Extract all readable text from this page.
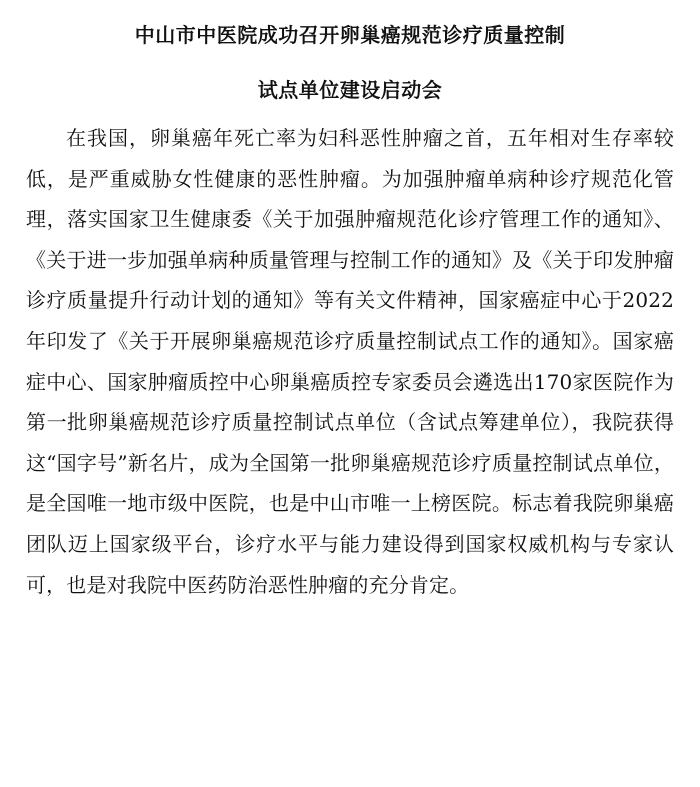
中山市中医院成功召开卵巢癌规范诊疗质量控制
试点单位建设启动会

在我国，卵巢癌年死亡率为妇科恶性肿瘤之首，五年相对生存率较低，是严重威胁女性健康的恶性肿瘤。为加强肿瘤单病种诊疗规范化管理，落实国家卫生健康委《关于加强肿瘤规范化诊疗管理工作的通知》、《关于进一步加强单病种质量管理与控制工作的通知》及《关于印发肿瘤诊疗质量提升行动计划的通知》等有关文件精神，国家癌症中心于2022年印发了《关于开展卵巢癌规范诊疗质量控制试点工作的通知》。国家癌症中心、国家肿瘤质控中心卵巢癌质控专家委员会遴选出170家医院作为第一批卵巢癌规范诊疗质量控制试点单位（含试点筹建单位），我院获得这“国字号”新名片，成为全国第一批卵巢癌规范诊疗质量控制试点单位，是全国唯一地市级中医院，也是中山市唯一上榜医院。标志着我院卵巢癌团队迈上国家级平台，诊疗水平与能力建设得到国家权威机构与专家认可，也是对我院中医药防治恶性肿瘤的充分肯定。
